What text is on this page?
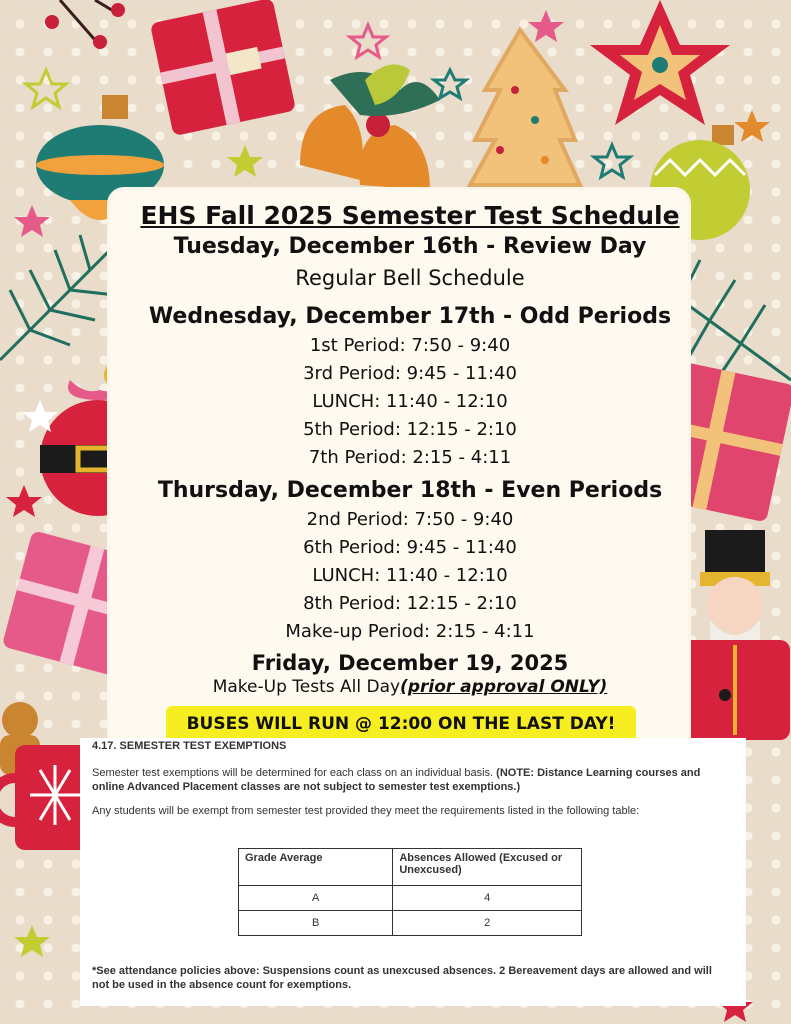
EHS Fall 2025 Semester Test Schedule

Tuesday, December 16th - Review Day

Regular Bell Schedule

Wednesday, December 17th - Odd Periods

1st Period: 7:50 - 9:40

3rd Period: 9:45 - 11:40

LUNCH: 11:40 - 12:10

5th Period: 12:15 - 2:10

7th Period: 2:15 - 4:11

Thursday, December 18th - Even Periods

2nd Period: 7:50 - 9:40

6th Period: 9:45 - 11:40

LUNCH: 11:40 - 12:10

8th Period: 12:15 - 2:10

Make-up Period: 2:15 - 4:11

Friday, December 19, 2025

Make-Up Tests All Day(prior approval ONLY)

BUSES WILL RUN @ 12:00 ON THE LAST DAY!
4.17. SEMESTER TEST EXEMPTIONS
Semester test exemptions will be determined for each class on an individual basis. (NOTE: Distance Learning courses and online Advanced Placement classes are not subject to semester test exemptions.)
Any students will be exempt from semester test provided they meet the requirements listed in the following table:
Grade Average	Absences Allowed (Excused or Unexcused)
A	4
B	2
*See attendance policies above: Suspensions count as unexcused absences. 2 Bereavement days are allowed and will not be used in the absence count for exemptions.
